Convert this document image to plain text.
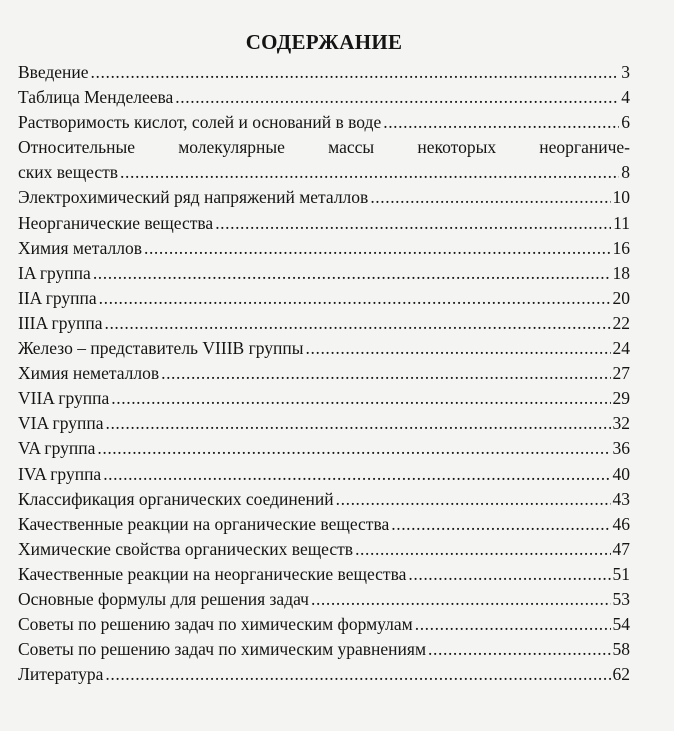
СОДЕРЖАНИЕ
Введение .....	3
Таблица Менделеева .....	4
Растворимость кислот, солей и оснований в воде .....	6
Относительные молекулярные массы некоторых неорганиче-
ских веществ .....	8
Электрохимический ряд напряжений металлов .....	10
Неорганические вещества .....	11
Химия металлов .....	16
IA группа .....	18
IIA группа .....	20
IIIA группа .....	22
Железо – представитель VIIIB группы .....	24
Химия неметаллов .....	27
VIIA группа .....	29
VIA группа .....	32
VA группа .....	36
IVA группа .....	40
Классификация органических соединений .....	43
Качественные реакции на органические вещества .....	46
Химические свойства органических веществ .....	47
Качественные реакции на неорганические вещества .....	51
Основные формулы для решения задач .....	53
Советы по решению задач по химическим формулам .....	54
Советы по решению задач по химическим уравнениям .....	58
Литература .....	62
